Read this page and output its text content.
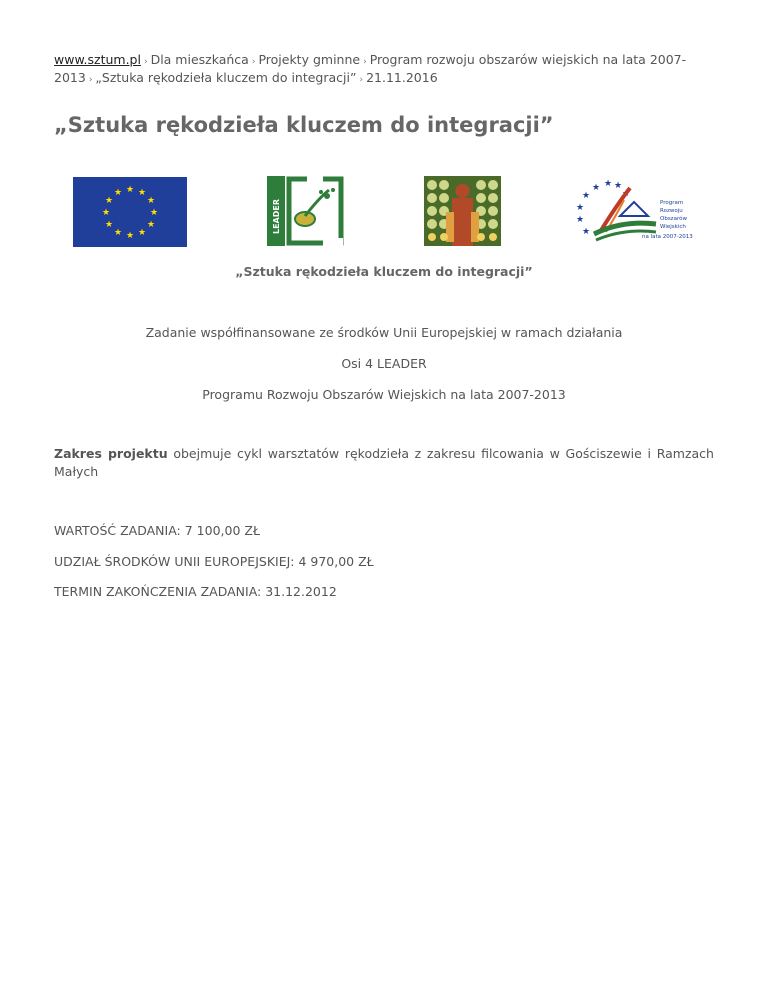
www.sztum.pl › Dla mieszkańca › Projekty gminne › Program rozwoju obszarów wiejskich na lata 2007-2013 › „Sztuka rękodzieła kluczem do integracji” › 21.11.2016
„Sztuka rękodzieła kluczem do integracji”
★ ★
★
★
★
★
★
★
★
★
★
★
LEADER
★ ★
★
★
★
★
★
★
Program
Rozwoju
Obszarów
Wiejskich
na lata 2007-2013
„Sztuka rękodzieła kluczem do integracji”
Zadanie współfinansowane ze środków Unii Europejskiej w ramach działania
Osi 4 LEADER
Programu Rozwoju Obszarów Wiejskich na lata 2007-2013
Zakres projektu obejmuje cykl warsztatów rękodzieła z zakresu filcowania w Gościszewie i Ramzach Małych
WARTOŚĆ ZADANIA: 7 100,00 ZŁ
UDZIAŁ ŚRODKÓW UNII EUROPEJSKIEJ: 4 970,00 ZŁ
TERMIN ZAKOŃCZENIA ZADANIA: 31.12.2012
